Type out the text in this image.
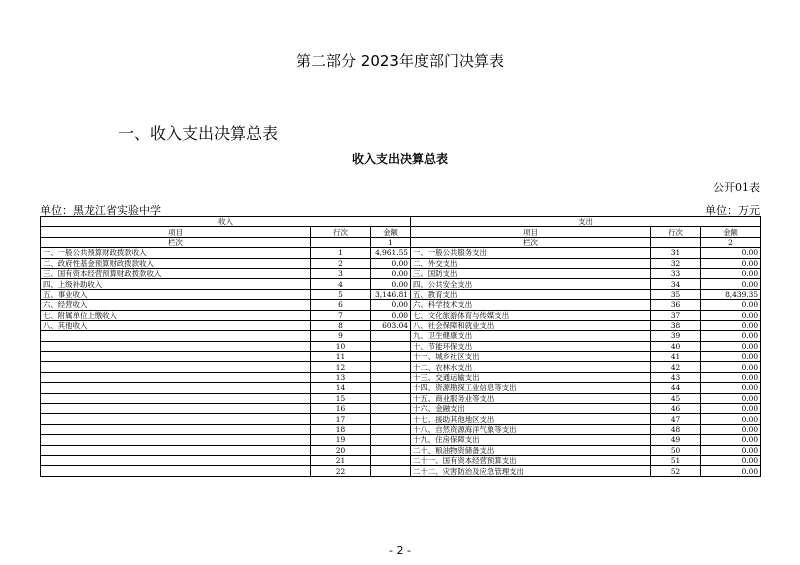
第二部分 2023年度部门决算表
一、收入支出决算总表
收入支出决算总表
公开01表
单位：黑龙江省实验中学	单位：万元
收入			支出		
项目	行次	金额	项目	行次	金额
栏次		1	栏次		2
一、一般公共预算财政拨款收入	1	4,961.55	一、一般公共服务支出	31	0.00
二、政府性基金预算财政拨款收入	2	0.00	二、外交支出	32	0.00
三、国有资本经营预算财政拨款收入	3	0.00	三、国防支出	33	0.00
四、上级补助收入	4	0.00	四、公共安全支出	34	0.00
五、事业收入	5	3,146.81	五、教育支出	35	8,439.35
六、经营收入	6	0.00	六、科学技术支出	36	0.00
七、附属单位上缴收入	7	0.00	七、文化旅游体育与传媒支出	37	0.00
八、其他收入	8	603.04	八、社会保障和就业支出	38	0.00
	9		九、卫生健康支出	39	0.00
	10		十、节能环保支出	40	0.00
	11		十一、城乡社区支出	41	0.00
	12		十二、农林水支出	42	0.00
	13		十三、交通运输支出	43	0.00
	14		十四、资源勘探工业信息等支出	44	0.00
	15		十五、商业服务业等支出	45	0.00
	16		十六、金融支出	46	0.00
	17		十七、援助其他地区支出	47	0.00
	18		十八、自然资源海洋气象等支出	48	0.00
	19		十九、住房保障支出	49	0.00
	20		二十、粮油物资储备支出	50	0.00
	21		二十一、国有资本经营预算支出	51	0.00
	22		二十二、灾害防治及应急管理支出	52	0.00
- 2 -
